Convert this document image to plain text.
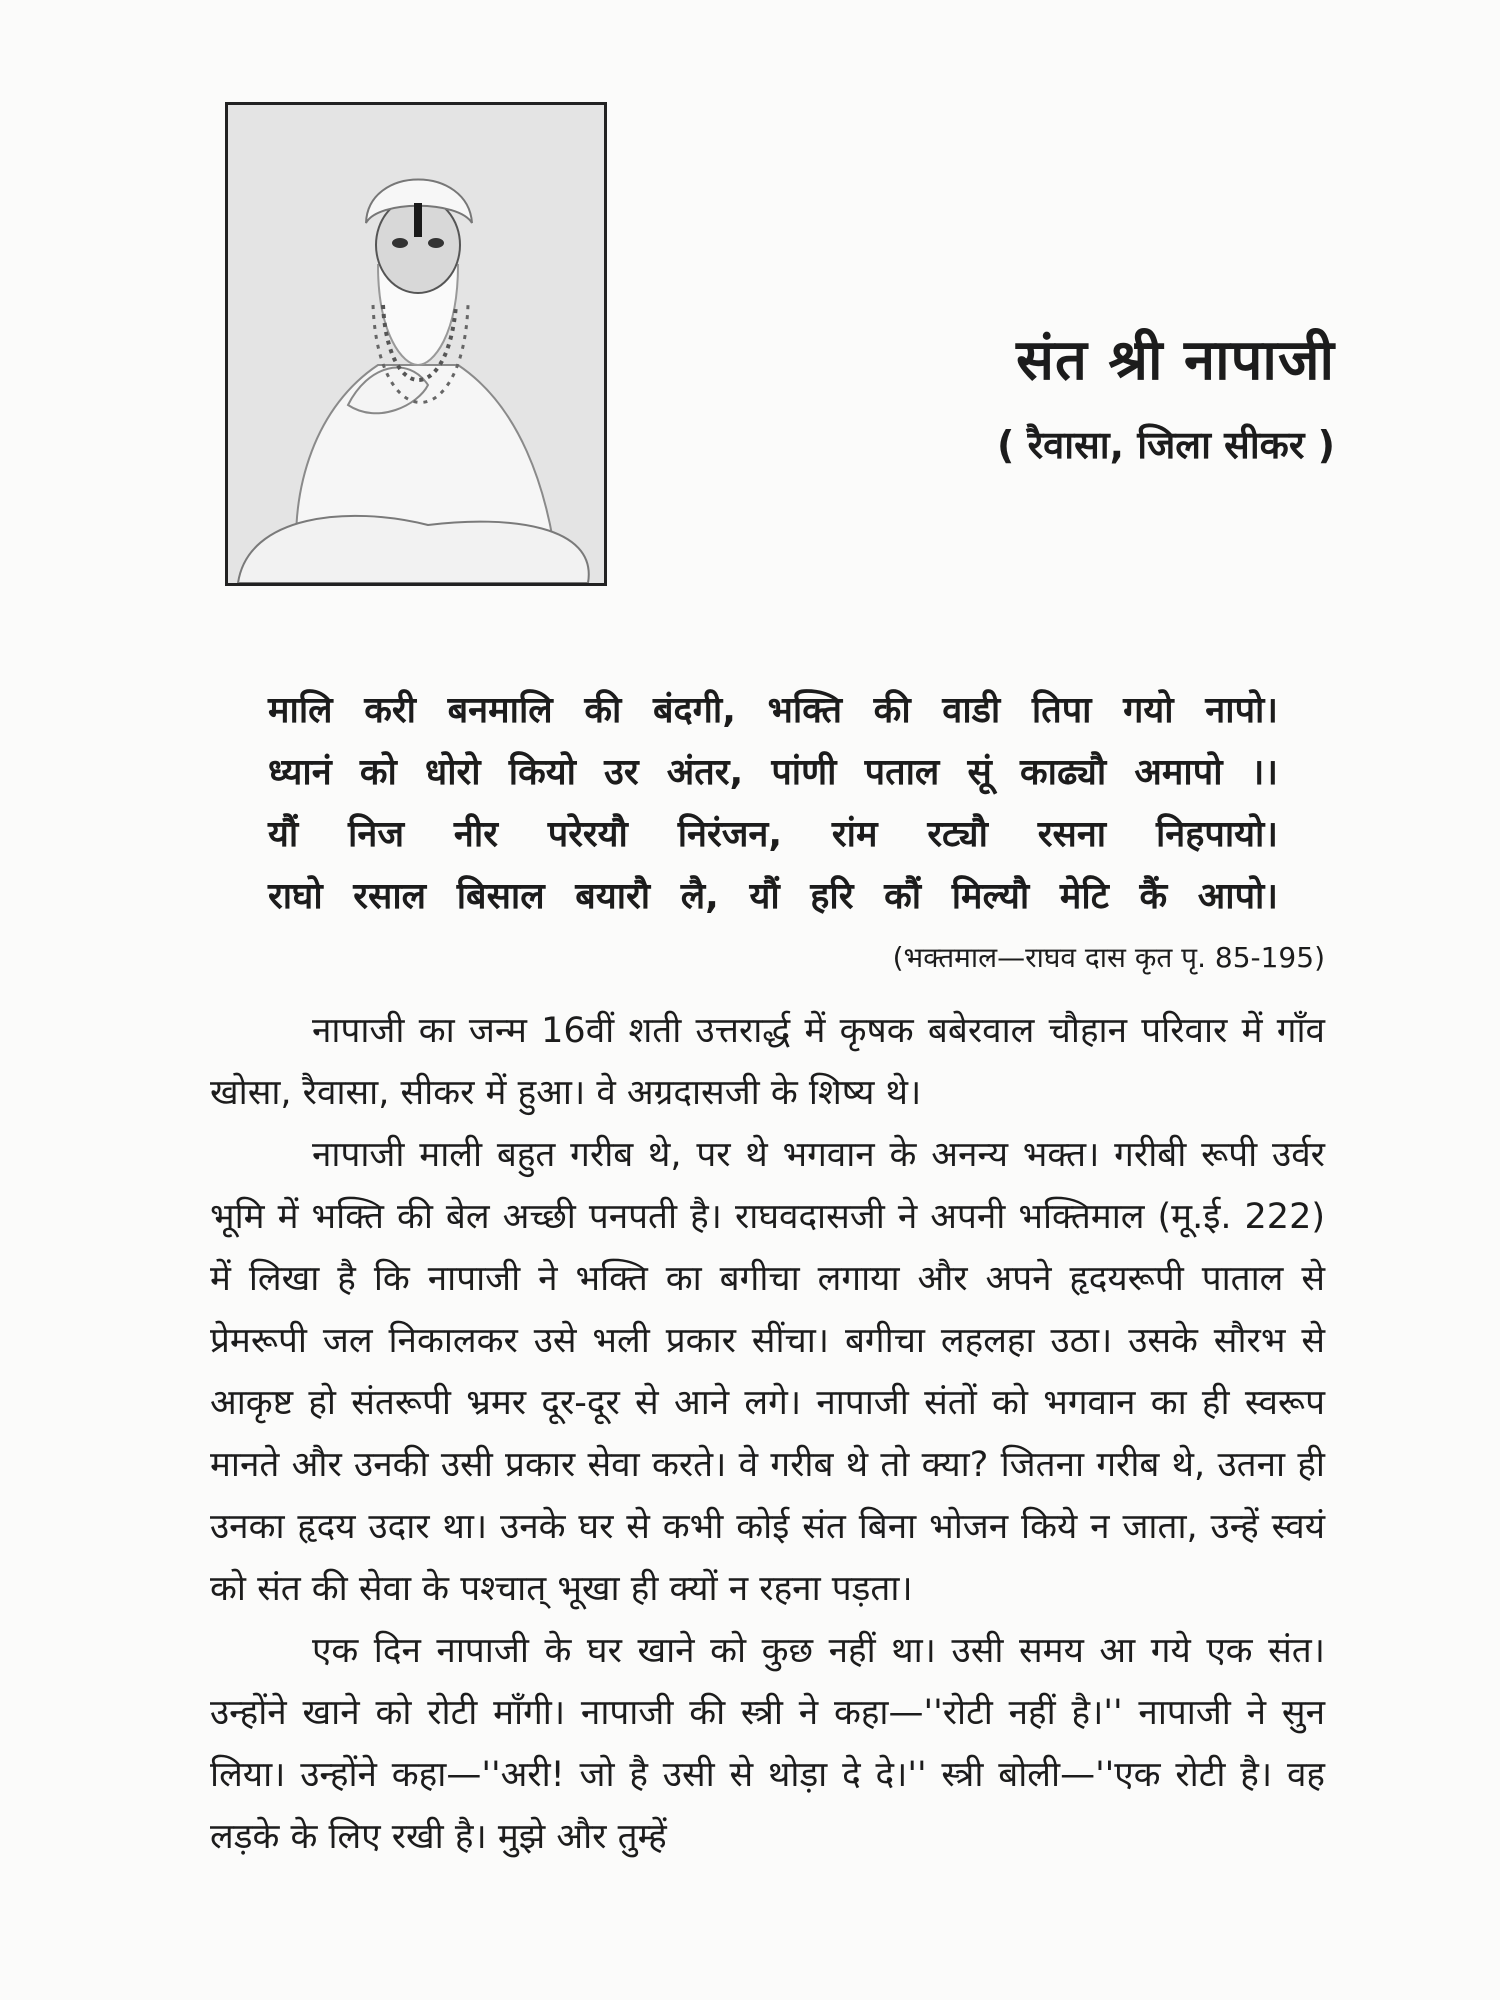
संत श्री नापाजी
( रैवासा, जिला सीकर )
मालि करी बनमालि की बंदगी, भक्ति की वाडी तिपा गयो नापो।
ध्यानं को धोरो कियो उर अंतर, पांणी पताल सूं काढ्यौ अमापो ।।
यौं निज नीर परेरयौ निरंजन, रांम रट्यौ रसना निहपायो।
राघो रसाल बिसाल बयारौ लै, यौं हरि कौं मिल्यौ मेटि कैं आपो।
(भक्तमाल—राघव दास कृत पृ. 85-195)

नापाजी का जन्म 16वीं शती उत्तरार्द्ध में कृषक बबेरवाल चौहान परिवार में गाँव खोसा, रैवासा, सीकर में हुआ। वे अग्रदासजी के शिष्य थे।

नापाजी माली बहुत गरीब थे, पर थे भगवान के अनन्य भक्त। गरीबी रूपी उर्वर भूमि में भक्ति की बेल अच्छी पनपती है। राघवदासजी ने अपनी भक्तिमाल (मू.ई. 222) में लिखा है कि नापाजी ने भक्ति का बगीचा लगाया और अपने हृदयरूपी पाताल से प्रेमरूपी जल निकालकर उसे भली प्रकार सींचा। बगीचा लहलहा उठा। उसके सौरभ से आकृष्ट हो संतरूपी भ्रमर दूर-दूर से आने लगे। नापाजी संतों को भगवान का ही स्वरूप मानते और उनकी उसी प्रकार सेवा करते। वे गरीब थे तो क्या? जितना गरीब थे, उतना ही उनका हृदय उदार था। उनके घर से कभी कोई संत बिना भोजन किये न जाता, उन्हें स्वयं को संत की सेवा के पश्चात् भूखा ही क्यों न रहना पड़ता।

एक दिन नापाजी के घर खाने को कुछ नहीं था। उसी समय आ गये एक संत। उन्होंने खाने को रोटी माँगी। नापाजी की स्त्री ने कहा—''रोटी नहीं है।'' नापाजी ने सुन लिया। उन्होंने कहा—''अरी! जो है उसी से थोड़ा दे दे।'' स्त्री बोली—''एक रोटी है। वह लड़के के लिए रखी है। मुझे और तुम्हें
